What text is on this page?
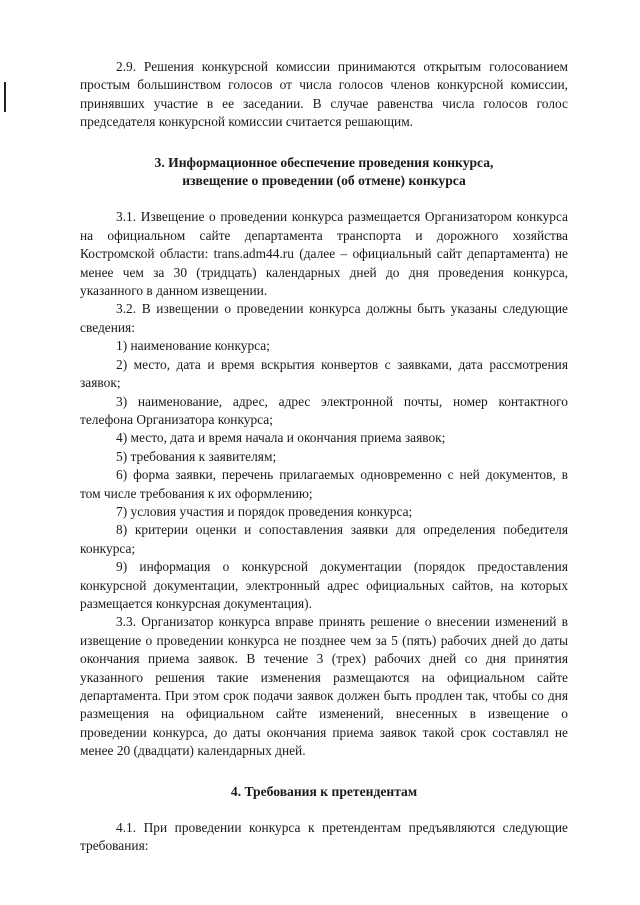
2.9. Решения конкурсной комиссии принимаются открытым голосованием простым большинством голосов от числа голосов членов конкурсной комиссии, принявших участие в ее заседании. В случае равенства числа голосов голос председателя конкурсной комиссии считается решающим.

3. Информационное обеспечение проведения конкурса,
извещение о проведении (об отмене) конкурса

3.1. Извещение о проведении конкурса размещается Организатором конкурса на официальном сайте департамента транспорта и дорожного хозяйства Костромской области: trans.adm44.ru (далее – официальный сайт департамента) не менее чем за 30 (тридцать) календарных дней до дня проведения конкурса, указанного в данном извещении.

3.2. В извещении о проведении конкурса должны быть указаны следующие сведения:

1) наименование конкурса;

2) место, дата и время вскрытия конвертов с заявками, дата рассмотрения заявок;

3) наименование, адрес, адрес электронной почты, номер контактного телефона Организатора конкурса;

4) место, дата и время начала и окончания приема заявок;

5) требования к заявителям;

6) форма заявки, перечень прилагаемых одновременно с ней документов, в том числе требования к их оформлению;

7) условия участия и порядок проведения конкурса;

8) критерии оценки и сопоставления заявки для определения победителя конкурса;

9) информация о конкурсной документации (порядок предоставления конкурсной документации, электронный адрес официальных сайтов, на которых размещается конкурсная документация).

3.3. Организатор конкурса вправе принять решение о внесении изменений в извещение о проведении конкурса не позднее чем за 5 (пять) рабочих дней до даты окончания приема заявок. В течение 3 (трех) рабочих дней со дня принятия указанного решения такие изменения размещаются на официальном сайте департамента. При этом срок подачи заявок должен быть продлен так, чтобы со дня размещения на официальном сайте изменений, внесенных в извещение о проведении конкурса, до даты окончания приема заявок такой срок составлял не менее 20 (двадцати) календарных дней.

4. Требования к претендентам

4.1. При проведении конкурса к претендентам предъявляются следующие требования:
